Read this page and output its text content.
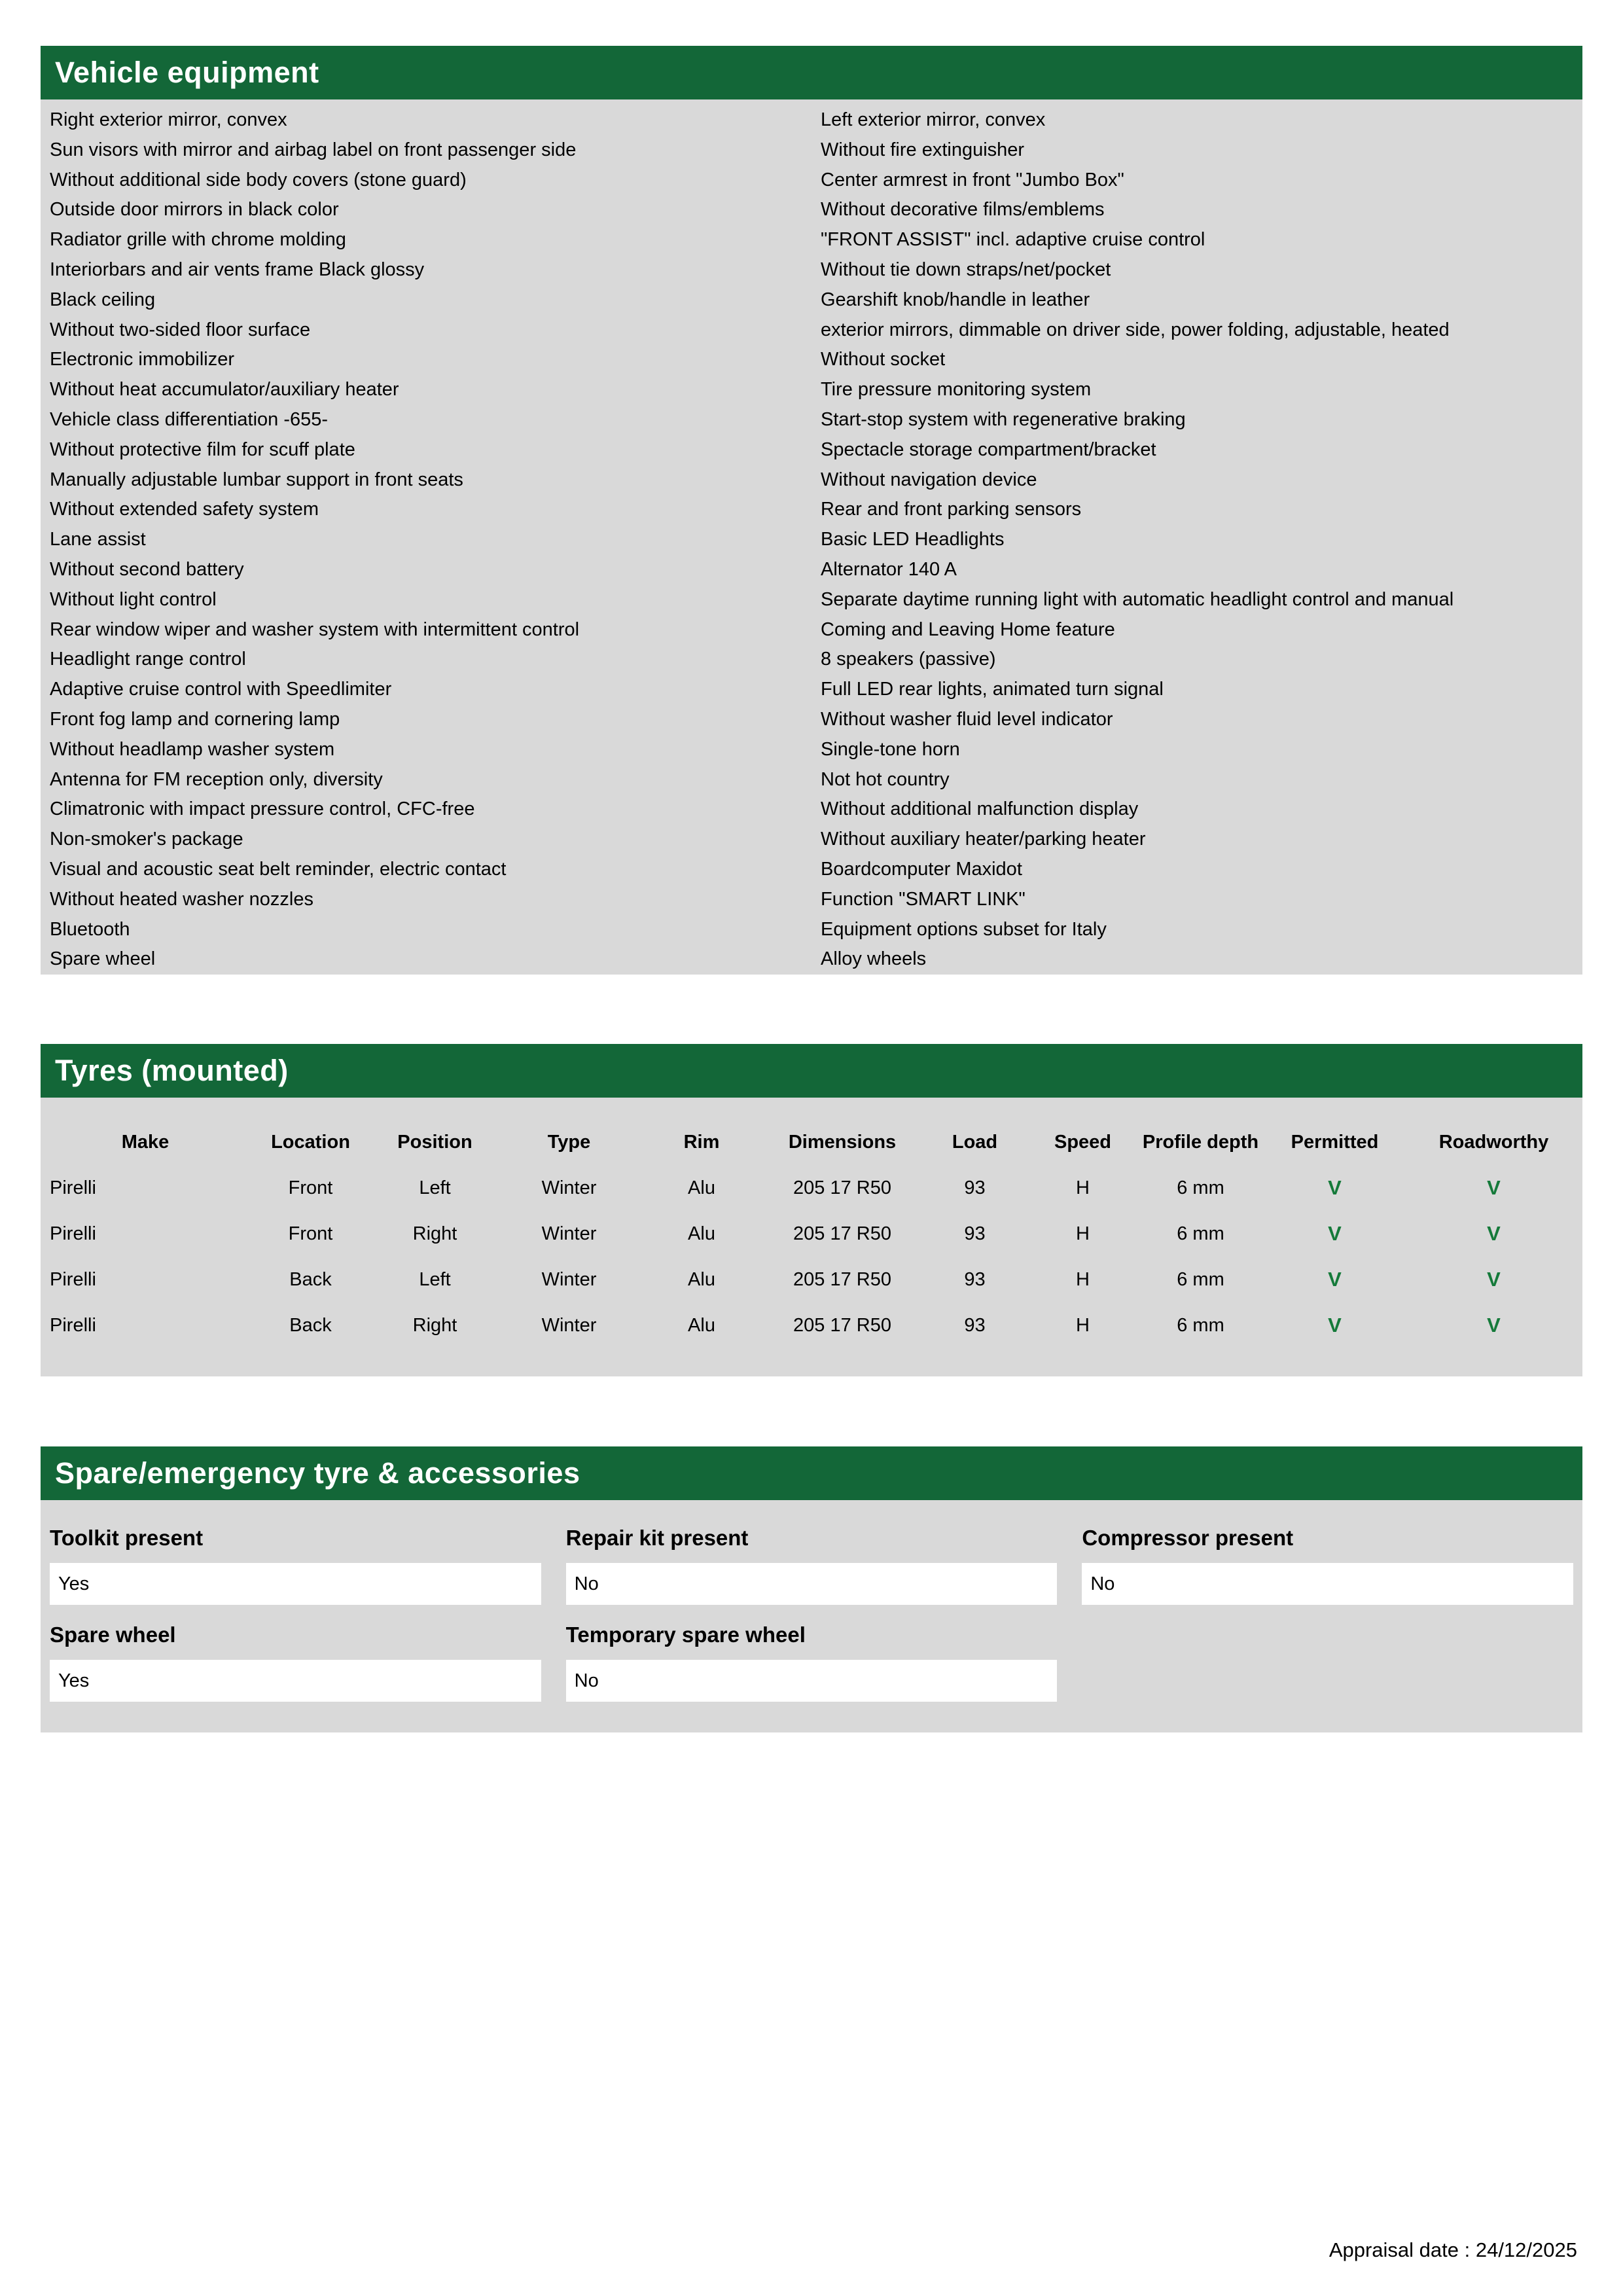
Vehicle equipment
Right exterior mirror, convex
Sun visors with mirror and airbag label on front passenger side
Without additional side body covers (stone guard)
Outside door mirrors in black color
Radiator grille with chrome molding
Interiorbars and air vents frame Black glossy
Black ceiling
Without two-sided floor surface
Electronic immobilizer
Without heat accumulator/auxiliary heater
Vehicle class differentiation -655-
Without protective film for scuff plate
Manually adjustable lumbar support in front seats
Without extended safety system
Lane assist
Without second battery
Without light control
Rear window wiper and washer system with intermittent control
Headlight range control
Adaptive cruise control with Speedlimiter
Front fog lamp and cornering lamp
Without headlamp washer system
Antenna for FM reception only, diversity
Climatronic with impact pressure control, CFC-free
Non-smoker's package
Visual and acoustic seat belt reminder, electric contact
Without heated washer nozzles
Bluetooth
Spare wheel
Left exterior mirror, convex
Without fire extinguisher
Center armrest in front "Jumbo Box"
Without decorative films/emblems
"FRONT ASSIST" incl. adaptive cruise control
Without tie down straps/net/pocket
Gearshift knob/handle in leather
exterior mirrors, dimmable on driver side, power folding, adjustable, heated
Without socket
Tire pressure monitoring system
Start-stop system with regenerative braking
Spectacle storage compartment/bracket
Without navigation device
Rear and front parking sensors
Basic LED Headlights
Alternator 140 A
Separate daytime running light with automatic headlight control and manual
Coming and Leaving Home feature
8 speakers (passive)
Full LED rear lights, animated turn signal
Without washer fluid level indicator
Single-tone horn
Not hot country
Without additional malfunction display
Without auxiliary heater/parking heater
Boardcomputer Maxidot
Function "SMART LINK"
Equipment options subset for Italy
Alloy wheels
Tyres (mounted)
Make	Location	Position	Type	Rim	Dimensions	Load	Speed	Profile depth	Permitted	Roadworthy
Pirelli	Front	Left	Winter	Alu	205 17 R50	93	H	6 mm	V	V
Pirelli	Front	Right	Winter	Alu	205 17 R50	93	H	6 mm	V	V
Pirelli	Back	Left	Winter	Alu	205 17 R50	93	H	6 mm	V	V
Pirelli	Back	Right	Winter	Alu	205 17 R50	93	H	6 mm	V	V
Spare/emergency tyre & accessories
Toolkit present
Yes
Repair kit present
No
Compressor present
No
Spare wheel
Yes
Temporary spare wheel
No
Appraisal date : 24/12/2025
